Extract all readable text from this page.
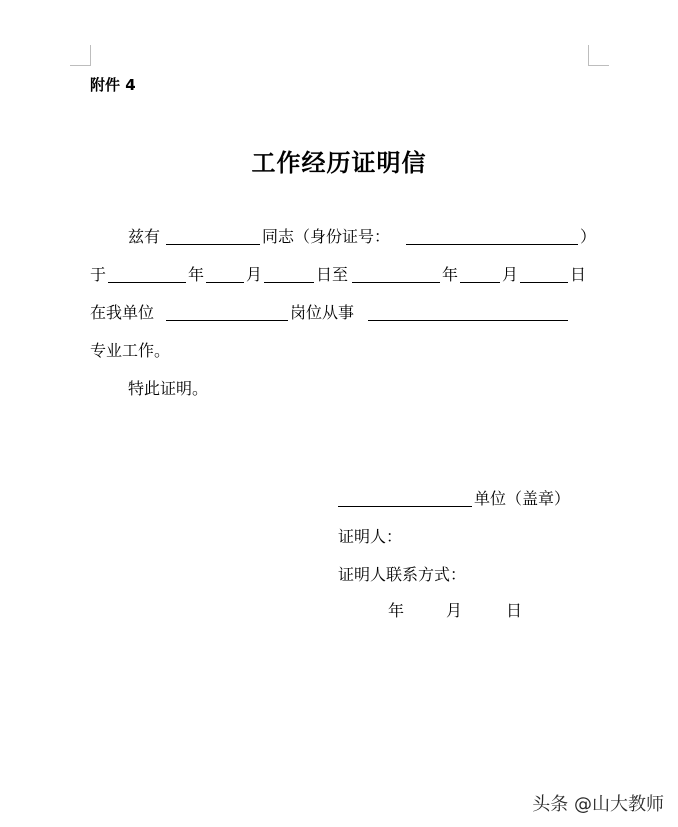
附件 4
工作经历证明信
兹有	同志（身份证号：	）
于	年	月	日至	年	月	日
在我单位	岗位从事
专业工作。
特此证明。
单位（盖章）
证明人：
证明人联系方式：
年	月	日
头条 @山大教师
